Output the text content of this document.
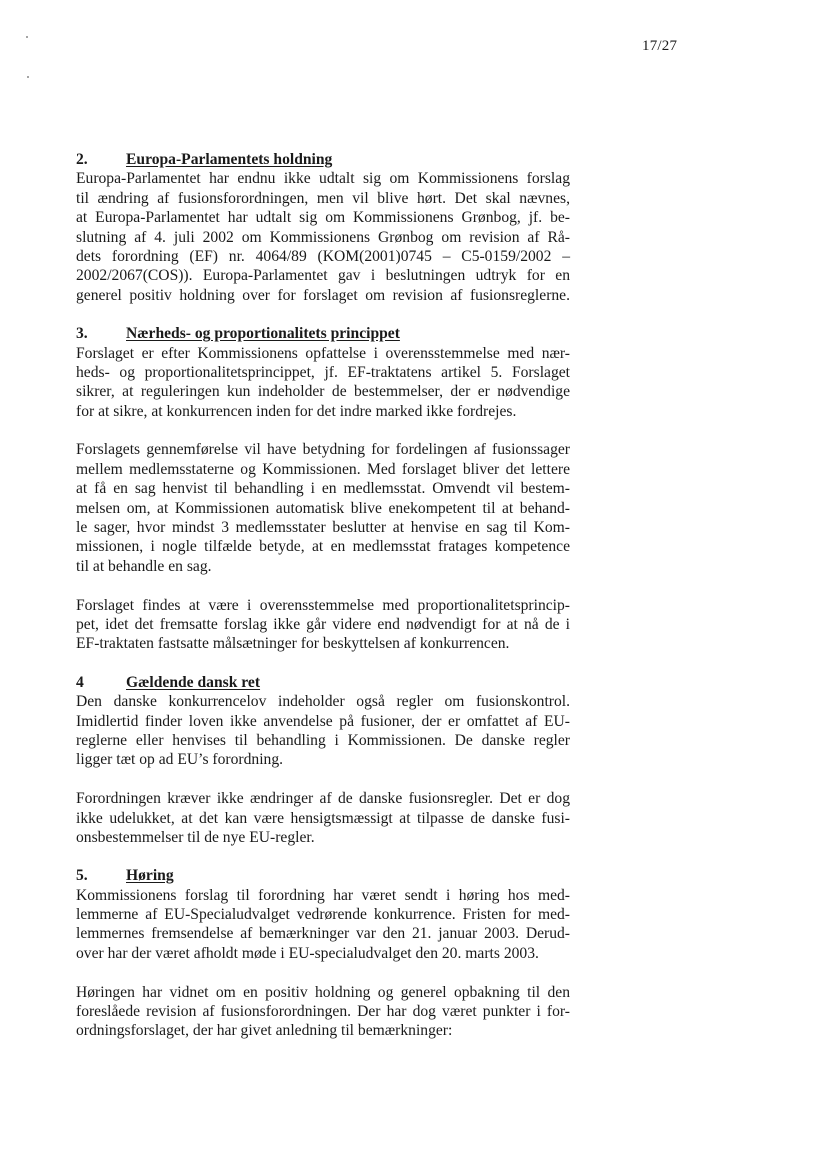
17/27
2.	Europa-Parlamentets holdning
Europa-Parlamentet har endnu ikke udtalt sig om Kommissionens forslag
til ændring af fusionsforordningen, men vil blive hørt. Det skal nævnes,
at Europa-Parlamentet har udtalt sig om Kommissionens Grønbog, jf. be-
slutning af 4. juli 2002 om Kommissionens Grønbog om revision af Rå-
dets forordning (EF) nr. 4064/89 (KOM(2001)0745 – C5-0159/2002 –
2002/2067(COS)). Europa-Parlamentet gav i beslutningen udtryk for en
generel positiv holdning over for forslaget om revision af fusionsreglerne.
3.	Nærheds- og proportionalitets princippet
Forslaget er efter Kommissionens opfattelse i overensstemmelse med nær-
heds- og proportionalitetsprincippet, jf. EF-traktatens artikel 5. Forslaget
sikrer, at reguleringen kun indeholder de bestemmelser, der er nødvendige
for at sikre, at konkurrencen inden for det indre marked ikke fordrejes.
Forslagets gennemførelse vil have betydning for fordelingen af fusionssager
mellem medlemsstaterne og Kommissionen. Med forslaget bliver det lettere
at få en sag henvist til behandling i en medlemsstat. Omvendt vil bestem-
melsen om, at Kommissionen automatisk blive enekompetent til at behand-
le sager, hvor mindst 3 medlemsstater beslutter at henvise en sag til Kom-
missionen, i nogle tilfælde betyde, at en medlemsstat fratages kompetence
til at behandle en sag.
Forslaget findes at være i overensstemmelse med proportionalitetsprincip-
pet, idet det fremsatte forslag ikke går videre end nødvendigt for at nå de i
EF-traktaten fastsatte målsætninger for beskyttelsen af konkurrencen.
4	Gældende dansk ret
Den danske konkurrencelov indeholder også regler om fusionskontrol.
Imidlertid finder loven ikke anvendelse på fusioner, der er omfattet af EU-
reglerne eller henvises til behandling i Kommissionen. De danske regler
ligger tæt op ad EU’s forordning.
Forordningen kræver ikke ændringer af de danske fusionsregler. Det er dog
ikke udelukket, at det kan være hensigtsmæssigt at tilpasse de danske fusi-
onsbestemmelser til de nye EU-regler.
5.	Høring
Kommissionens forslag til forordning har været sendt i høring hos med-
lemmerne af EU-Specialudvalget vedrørende konkurrence. Fristen for med-
lemmernes fremsendelse af bemærkninger var den 21. januar 2003. Derud-
over har der været afholdt møde i EU-specialudvalget den 20. marts 2003.
Høringen har vidnet om en positiv holdning og generel opbakning til den
foreslåede revision af fusionsforordningen. Der har dog været punkter i for-
ordningsforslaget, der har givet anledning til bemærkninger:
